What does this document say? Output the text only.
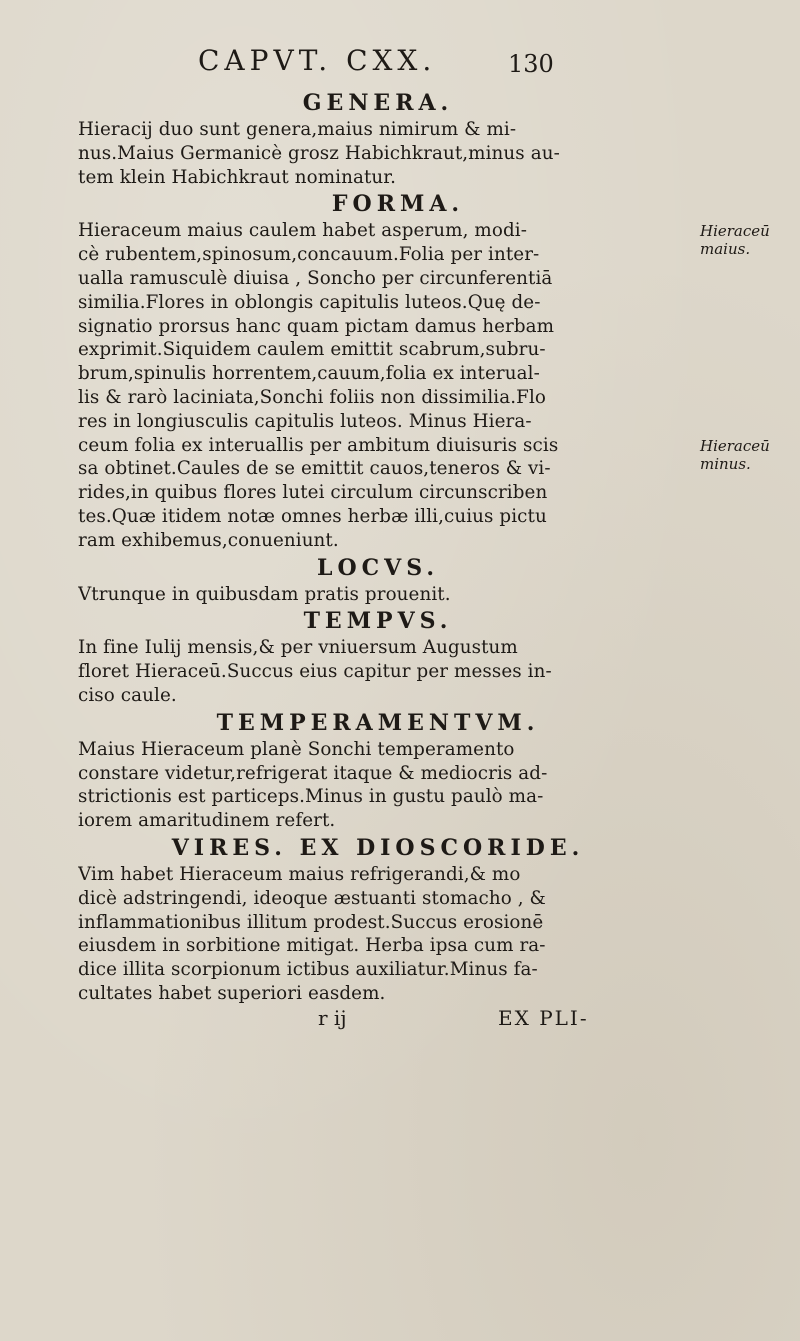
CAPVT. CXX.	130
GENERA.

Hieracij duo sunt genera,maius nimirum & mi-
nus.Maius Germanicè grosz Habichkraut,minus au-
tem klein Habichkraut nominatur.

FORMA.

Hieraceum maius caulem habet asperum, modi-
cè rubentem,spinosum,concauum.Folia per inter-
ualla ramusculè diuisa , Soncho per circunferentiā
similia.Flores in oblongis capitulis luteos.Quę de-
signatio prorsus hanc quam pictam damus herbam
exprimit.Siquidem caulem emittit scabrum,subru-
brum,spinulis horrentem,cauum,folia ex interual-
lis & rarò laciniata,Sonchi foliis non dissimilia.Flo
res in longiusculis capitulis luteos. Minus Hiera-
ceum folia ex interuallis per ambitum diuisuris scis
sa obtinet.Caules de se emittit cauos,teneros & vi-
rides,in quibus flores lutei circulum circunscriben
tes.Quæ itidem notæ omnes herbæ illi,cuius pictu
ram exhibemus,conueniunt.

LOCVS.

Vtrunque in quibusdam pratis prouenit.

TEMPVS.

In fine Iulij mensis,& per vniuersum Augustum
floret Hieraceū.Succus eius capitur per messes in-
ciso caule.

TEMPERAMENTVM.

Maius Hieraceum planè Sonchi temperamento
constare videtur,refrigerat itaque & mediocris ad-
strictionis est particeps.Minus in gustu paulò ma-
iorem amaritudinem refert.

VIRES. EX DIOSCORIDE.

Vim habet Hieraceum maius refrigerandi,& mo
dicè adstringendi, ideoque æstuanti stomacho , &
inflammationibus illitum prodest.Succus erosionē
eiusdem in sorbitione mitigat. Herba ipsa cum ra-
dice illita scorpionum ictibus auxiliatur.Minus fa-
cultates habet superiori easdem.

r ij	EX PLI-
Hieraceū maius.
Hieraceū minus.
